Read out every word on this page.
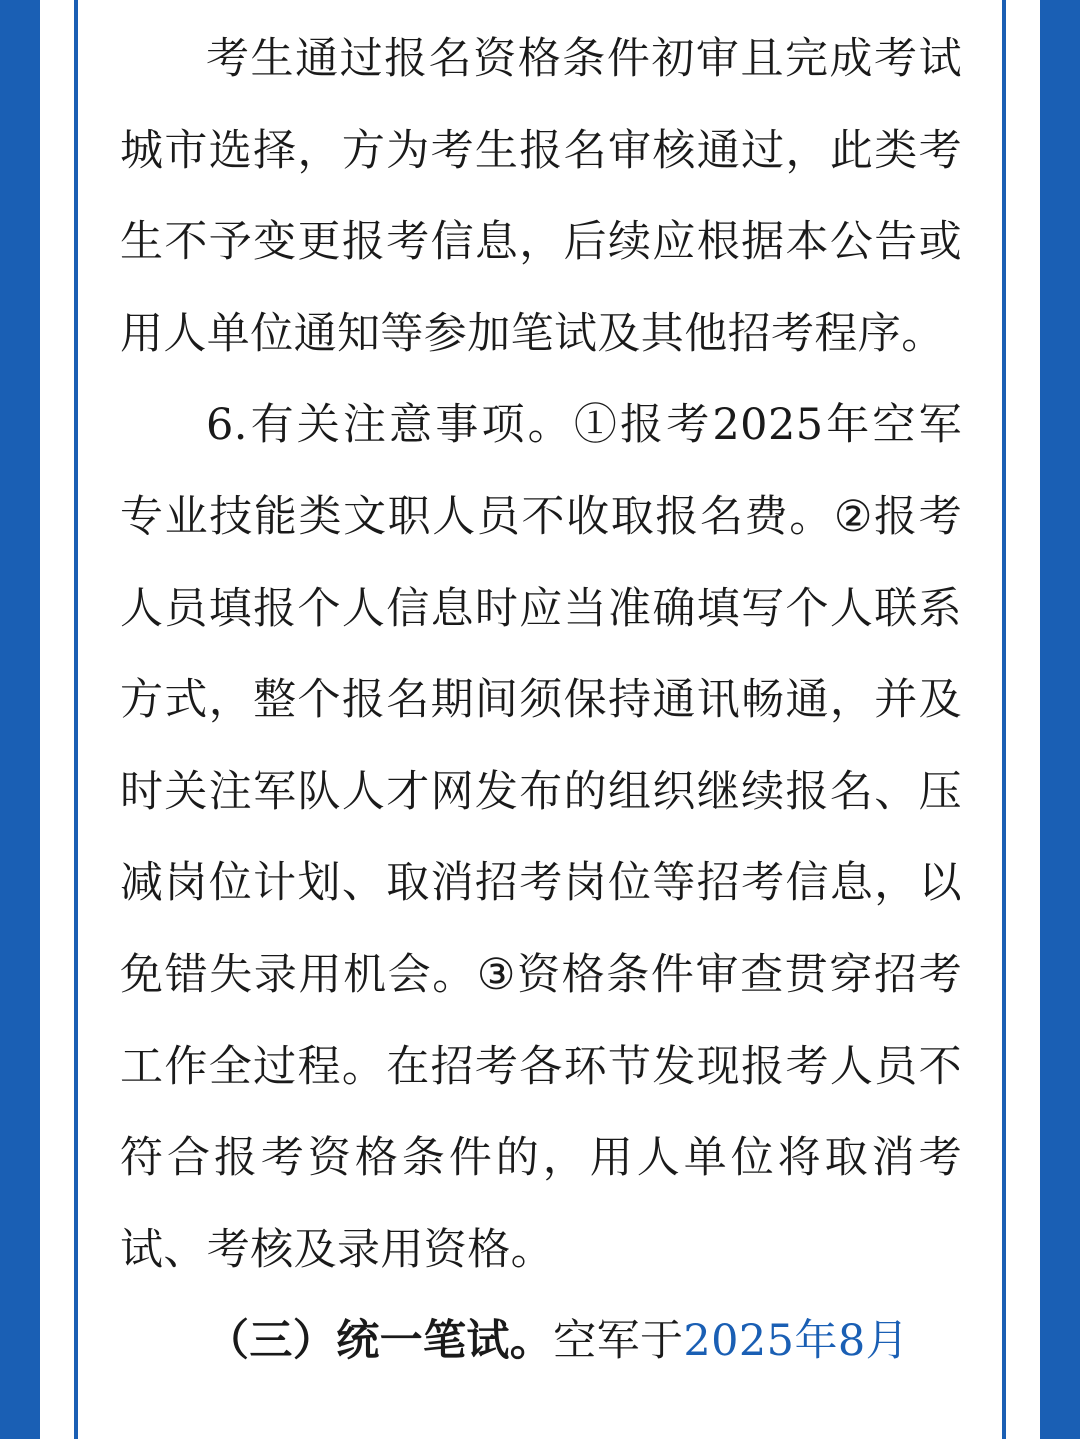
考生通过报名资格条件初审且完成考试城市选择，方为考生报名审核通过，此类考生不予变更报考信息，后续应根据本公告或用人单位通知等参加笔试及其他招考程序。

6.有关注意事项。①报考2025年空军专业技能类文职人员不收取报名费。②报考人员填报个人信息时应当准确填写个人联系方式，整个报名期间须保持通讯畅通，并及时关注军队人才网发布的组织继续报名、压减岗位计划、取消招考岗位等招考信息，以免错失录用机会。③资格条件审查贯穿招考工作全过程。在招考各环节发现报考人员不符合报考资格条件的，用人单位将取消考试、考核及录用资格。

（三）统一笔试。空军于2025年8月
